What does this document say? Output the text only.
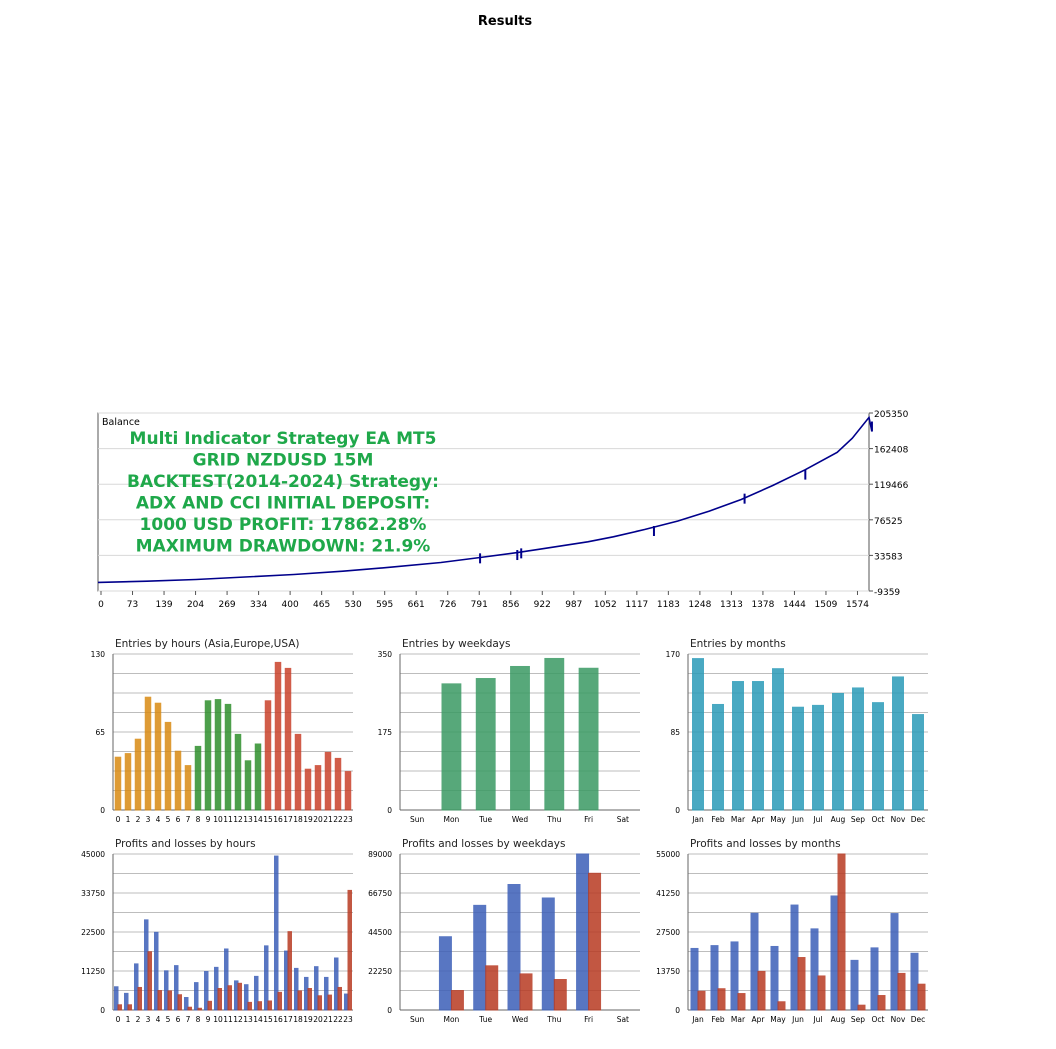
Results
205350
162408
119466
76525
33583
-9359
0	73 139 204 269 334 400 465 530 595 661 726 791 856 922 987 1052 1117 1183 1248 1313 1378 1444 1509 1574
Balance
Multi Indicator Strategy EA MT5
GRID NZDUSD 15M
BACKTEST(2014-2024) Strategy:
ADX AND CCI INITIAL DEPOSIT:
1000 USD PROFIT: 17862.28%
MAXIMUM DRAWDOWN: 21.9%
Entries by hours (Asia,Europe,USA)
130
65
0
0 1 2 3 4 5 6 7 8 9 10 11 12 13 14 15 16 17 18 19 20 21 22 23
Entries by weekdays
350
175
0
Sun	Mon	Tue	Wed	Thu	Fri	Sat
Entries by months
170
85
0
Jan Feb Mar Apr May Jun Jul Aug Sep Oct Nov Dec
Profits and losses by hours
45000
33750
22500
11250
0
0 1 2 3 4 5 6 7 8 9 10 11 12 13 14 15 16 17 18 19 20 21 22 23
Profits and losses by weekdays
89000
66750
44500
22250
0
Sun	Mon	Tue	Wed	Thu	Fri	Sat
Profits and losses by months
55000
41250
27500
13750
0
Jan Feb Mar Apr May Jun Jul Aug Sep Oct Nov Dec
